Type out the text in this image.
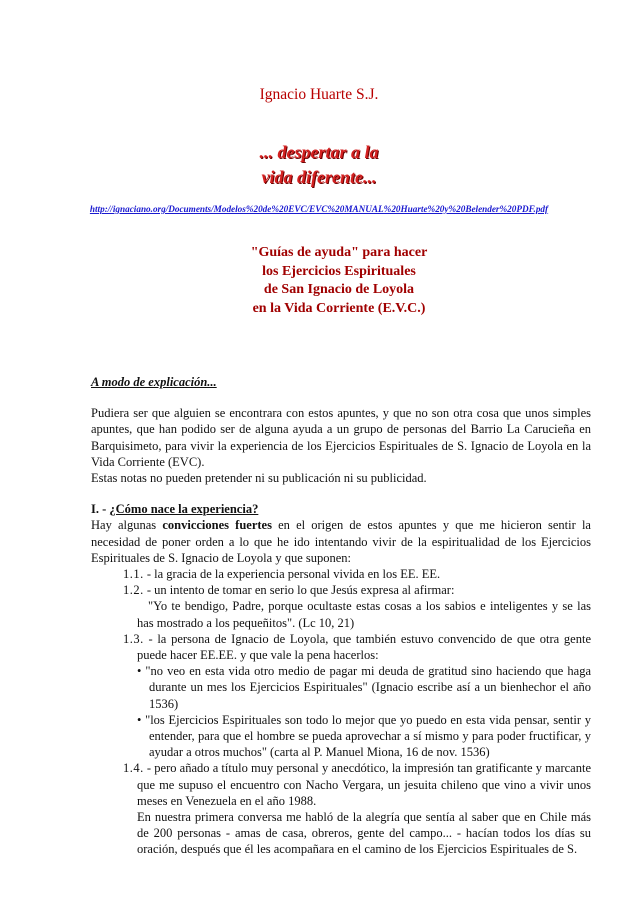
Ignacio Huarte S.J.
... despertar a la
vida diferente...
http://ignaciano.org/Documents/Modelos%20de%20EVC/EVC%20MANUAL%20Huarte%20y%20Belender%20PDF.pdf
"Guías de ayuda" para hacer
los Ejercicios Espirituales
de San Ignacio de Loyola
en la Vida Corriente (E.V.C.)

A modo de explicación...

Pudiera ser que alguien se encontrara con estos apuntes, y que no son otra cosa que unos simples apuntes, que han podido ser de alguna ayuda a un grupo de personas del Barrio La Carucieña en Barquisimeto, para vivir la experiencia de los Ejercicios Espirituales de S. Ignacio de Loyola en la Vida Corriente (EVC).

Estas notas no pueden pretender ni su publicación ni su publicidad.

I. - ¿Cómo nace la experiencia?

Hay algunas convicciones fuertes en el origen de estos apuntes y que me hicieron sentir la necesidad de poner orden a lo que he ido intentando vivir de la espiritualidad de los Ejercicios Espirituales de S. Ignacio de Loyola y que suponen:

1.1. - la gracia de la experiencia personal vivida en los EE. EE.

1.2. - un intento de tomar en serio lo que Jesús expresa al afirmar:

"Yo te bendigo, Padre, porque ocultaste estas cosas a los sabios e inteligentes y se las has mostrado a los pequeñitos". (Lc 10, 21)

1.3. - la persona de Ignacio de Loyola, que también estuvo convencido de que otra gente puede hacer EE.EE. y que vale la pena hacerlos:

• "no veo en esta vida otro medio de pagar mi deuda de gratitud sino haciendo que haga durante un mes los Ejercicios Espirituales" (Ignacio escribe así a un bienhechor el año 1536)

• "los Ejercicios Espirituales son todo lo mejor que yo puedo en esta vida pensar, sentir y entender, para que el hombre se pueda aprovechar a sí mismo y para poder fructificar, y ayudar a otros muchos" (carta al P. Manuel Miona, 16 de nov. 1536)

1.4. - pero añado a título muy personal y anecdótico, la impresión tan gratificante y marcante que me supuso el encuentro con Nacho Vergara, un jesuita chileno que vino a vivir unos meses en Venezuela en el año 1988.

En nuestra primera conversa me habló de la alegría que sentía al saber que en Chile más de 200 personas - amas de casa, obreros, gente del campo... - hacían todos los días su oración, después que él les acompañara en el camino de los Ejercicios Espirituales de S.
